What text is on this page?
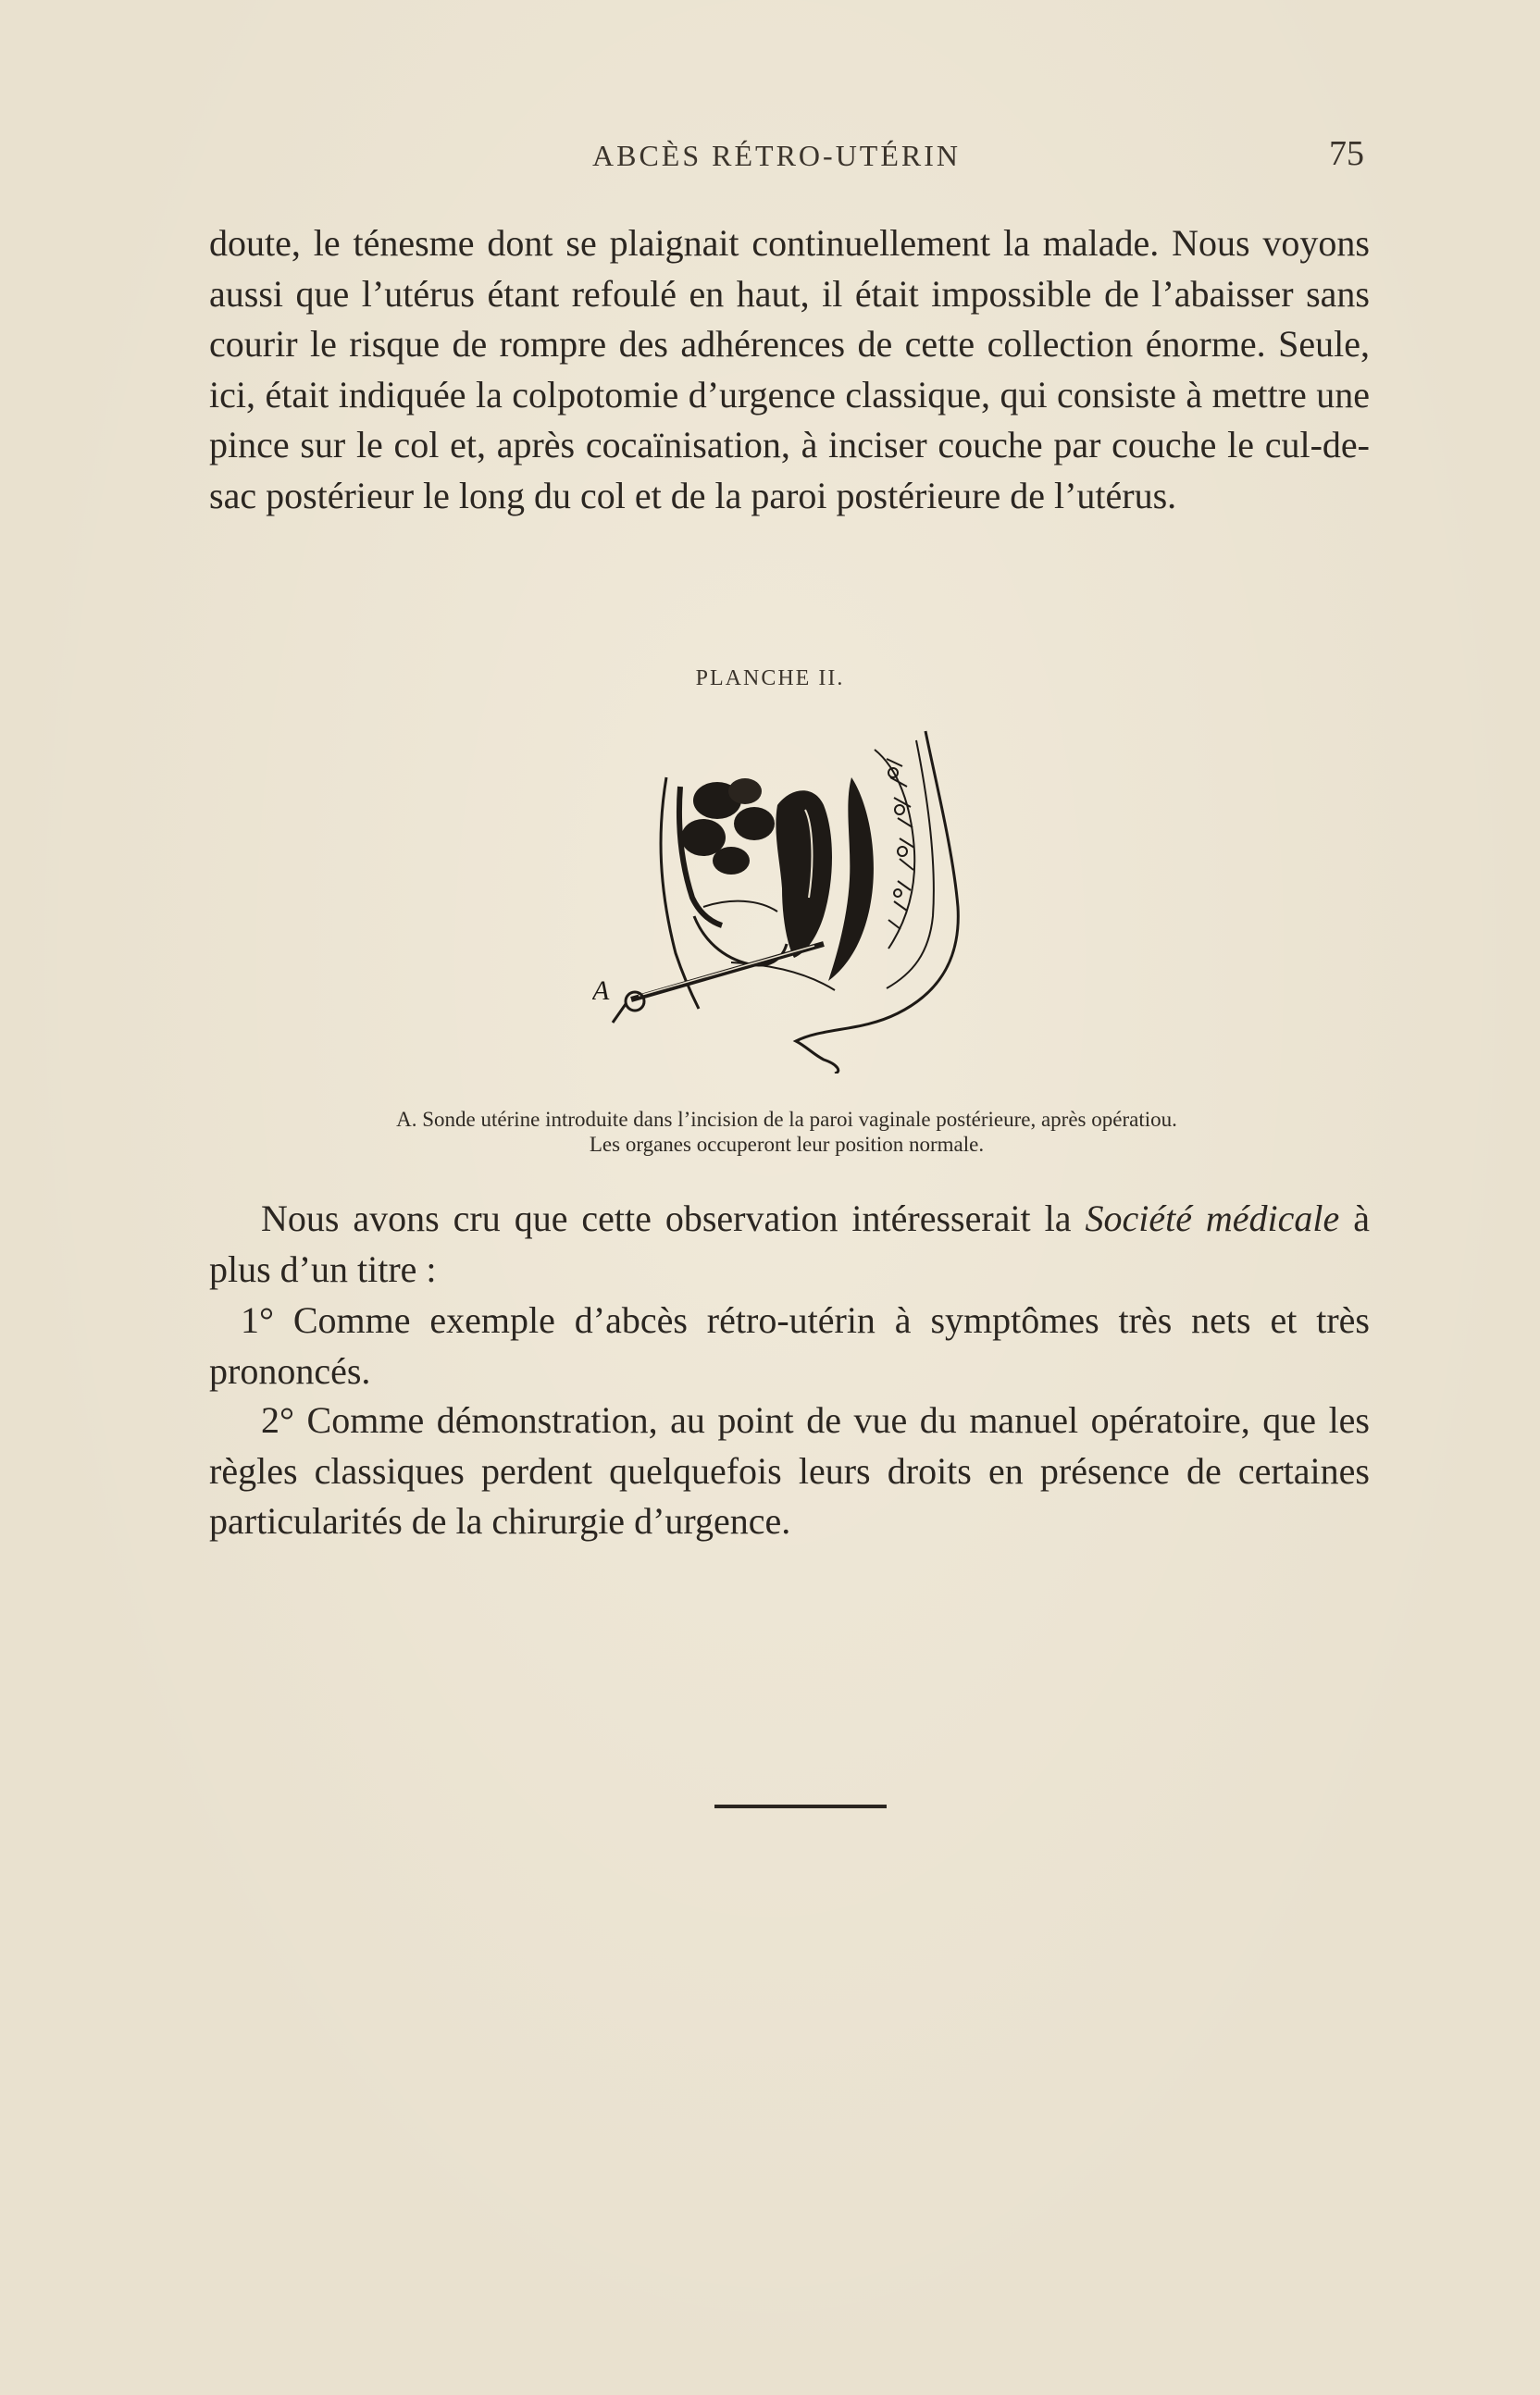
ABCÈS RÉTRO-UTÉRIN	75
doute, le ténesme dont se plaignait continuellement la malade. Nous voyons aussi que l’utérus étant refoulé en haut, il était impossible de l’abaisser sans courir le risque de rompre des adhérences de cette collection énorme. Seule, ici, était indiquée la colpotomie d’urgence classique, qui consiste à mettre une pince sur le col et, après cocaïnisation, à inciser couche par couche le cul-de-sac postérieur le long du col et de la paroi postérieure de l’utérus.
PLANCHE II.
A
A. Sonde utérine introduite dans l’incision de la paroi vaginale postérieure, après opératiou.
Les organes occuperont leur position normale.
Nous avons cru que cette observation intéresserait la Société médicale à plus d’un titre :
1° Comme exemple d’abcès rétro-utérin à symptômes très nets et très prononcés.
2° Comme démonstration, au point de vue du manuel opératoire, que les règles classiques perdent quelquefois leurs droits en présence de certaines particularités de la chirurgie d’urgence.
